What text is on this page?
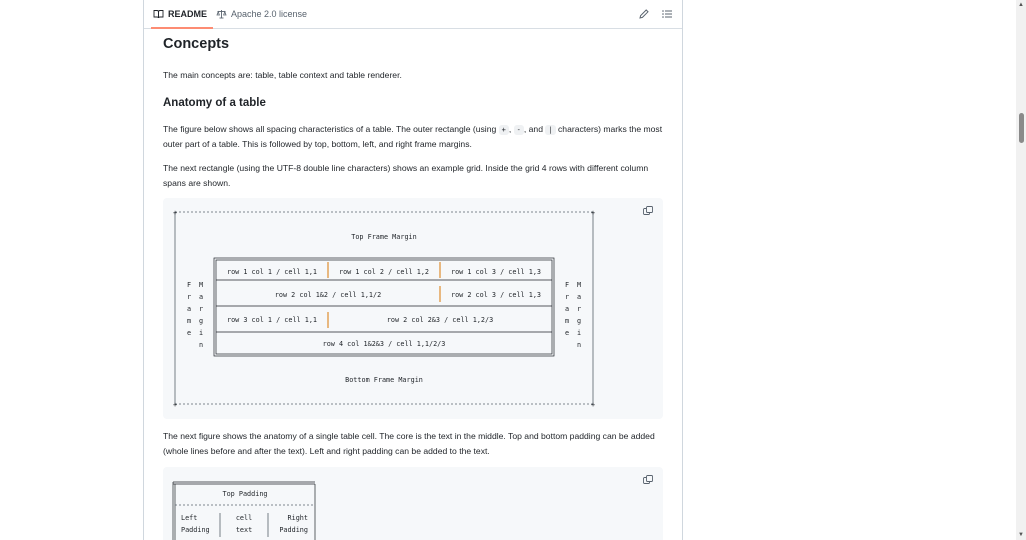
README	Apache 2.0 license
Concepts

The main concepts are: table, table context and table renderer.

Anatomy of a table

The figure below shows all spacing characteristics of a table. The outer rectangle (using + , - , and | characters) marks the most outer part of a table. This is followed by top, bottom, left, and right frame margins.

The next rectangle (using the UTF-8 double line characters) shows an example grid. Inside the grid 4 rows with different column spans are shown.

+	+
+	+
Top Frame Margin
Bottom Frame Margin
row 1 col 1 / cell 1,1	row 1 col 2 / cell 1,2	row 1 col 3 / cell 1,3
row 2 col 1&2 / cell 1,1/2	row 2 col 3 / cell 1,3
row 3 col 1 / cell 1,1	row 2 col 2&3 / cell 1,2/3
row 4 col 1&2&3 / cell 1,1/2/3
F
r
a
m
e
M
a
r
g
i
n
F
r
a
m
e
M
a
r
g
i
n

The next figure shows the anatomy of a single table cell. The core is the text in the middle. Top and bottom padding can be added (whole lines before and after the text). Left and right padding can be added to the text.

Top Padding
Left
Padding
cell
text
Right
Padding
▲
▼
